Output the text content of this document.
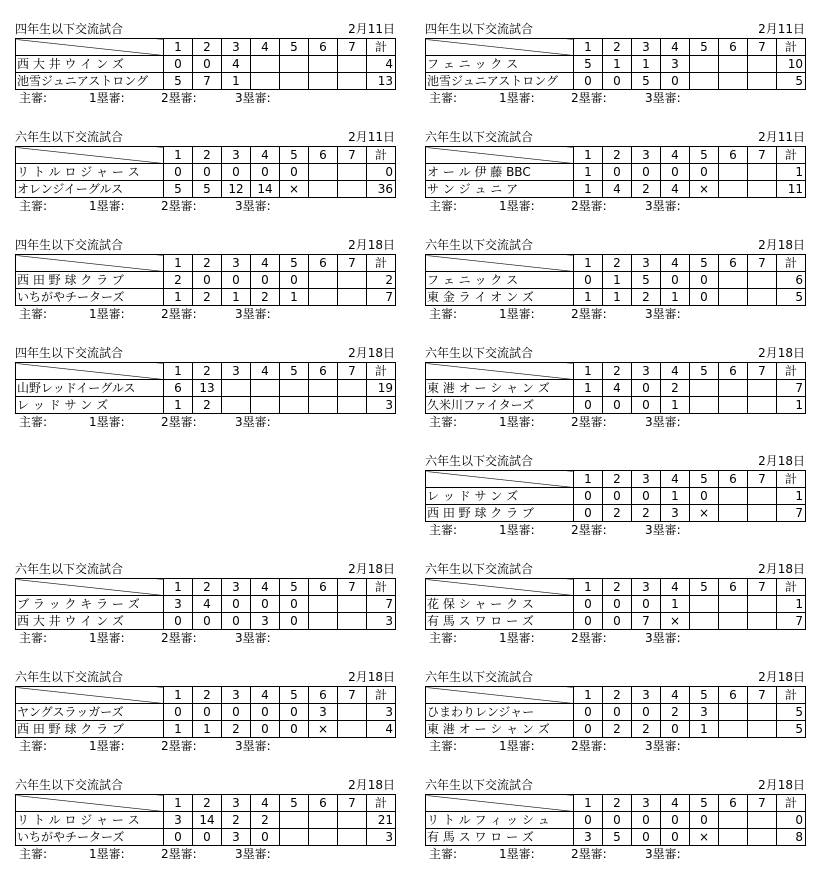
四年生以下交流試合	2月11日
	1	2	3	4	5	6	7	計
西 大 井 ウ イ ン ズ	0	0	4					4
池雪ジュニアストロング	5	7	1					13
主審:	1塁審:	2塁審:	3塁審:
四年生以下交流試合	2月11日
	1	2	3	4	5	6	7	計
フ ェ ニ ッ ク ス	5	1	1	3				10
池雪ジュニアストロング	0	0	5	0				5
主審:	1塁審:	2塁審:	3塁審:
六年生以下交流試合	2月11日
	1	2	3	4	5	6	7	計
リ ト ル ロ ジ ャ ー ス	0	0	0	0	0			0
オレンジイーグルス	5	5	12	14	×			36
主審:	1塁審:	2塁審:	3塁審:
六年生以下交流試合	2月11日
	1	2	3	4	5	6	7	計
オ ー ル 伊 藤 BBC	1	0	0	0	0			1
サ ン ジ ュ ニ ア	1	4	2	4	×			11
主審:	1塁審:	2塁審:	3塁審:
四年生以下交流試合	2月18日
	1	2	3	4	5	6	7	計
西 田 野 球 ク ラ ブ	2	0	0	0	0			2
いちがやチーターズ	1	2	1	2	1			7
主審:	1塁審:	2塁審:	3塁審:
六年生以下交流試合	2月18日
	1	2	3	4	5	6	7	計
フ ェ ニ ッ ク ス	0	1	5	0	0			6
東 金 ラ イ オ ン ズ	1	1	2	1	0			5
主審:	1塁審:	2塁審:	3塁審:
四年生以下交流試合	2月18日
	1	2	3	4	5	6	7	計
山野レッドイーグルス	6	13						19
レ ッ ド サ ン ズ	1	2						3
主審:	1塁審:	2塁審:	3塁審:
六年生以下交流試合	2月18日
	1	2	3	4	5	6	7	計
東 港 オ ー シ ャ ン ズ	1	4	0	2				7
久米川ファイターズ	0	0	0	1				1
主審:	1塁審:	2塁審:	3塁審:
六年生以下交流試合	2月18日
	1	2	3	4	5	6	7	計
レ ッ ド サ ン ズ	0	0	0	1	0			1
西 田 野 球 ク ラ ブ	0	2	2	3	×			7
主審:	1塁審:	2塁審:	3塁審:
六年生以下交流試合	2月18日
	1	2	3	4	5	6	7	計
ブ ラ ッ ク キ ラ ー ズ	3	4	0	0	0			7
西 大 井 ウ イ ン ズ	0	0	0	3	0			3
主審:	1塁審:	2塁審:	3塁審:
六年生以下交流試合	2月18日
	1	2	3	4	5	6	7	計
花 保 シ ャ ー ク ス	0	0	0	1				1
有 馬 ス ワ ロ ー ズ	0	0	7	×				7
主審:	1塁審:	2塁審:	3塁審:
六年生以下交流試合	2月18日
	1	2	3	4	5	6	7	計
ヤングスラッガーズ	0	0	0	0	0	3		3
西 田 野 球 ク ラ ブ	1	1	2	0	0	×		4
主審:	1塁審:	2塁審:	3塁審:
六年生以下交流試合	2月18日
	1	2	3	4	5	6	7	計
ひまわりレンジャー	0	0	0	2	3			5
東 港 オ ー シ ャ ン ズ	0	2	2	0	1			5
主審:	1塁審:	2塁審:	3塁審:
六年生以下交流試合	2月18日
	1	2	3	4	5	6	7	計
リ ト ル ロ ジ ャ ー ス	3	14	2	2				21
いちがやチーターズ	0	0	3	0				3
主審:	1塁審:	2塁審:	3塁審:
六年生以下交流試合	2月18日
	1	2	3	4	5	6	7	計
リ ト ル フ ィ ッ シ ュ	0	0	0	0	0			0
有 馬 ス ワ ロ ー ズ	3	5	0	0	×			8
主審:	1塁審:	2塁審:	3塁審:
